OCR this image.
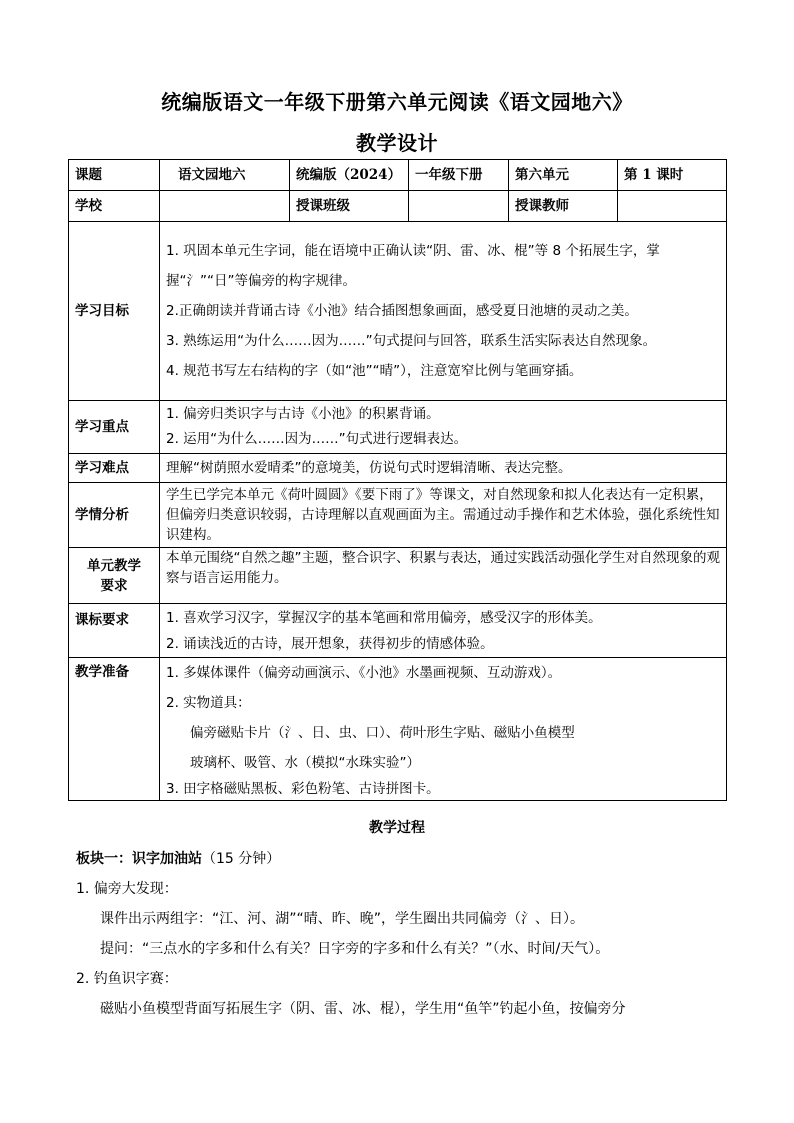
统编版语文一年级下册第六单元阅读《语文园地六》
教学设计
课题	语文园地六	统编版（2024）	一年级下册	第六单元	第 1 课时
学校		授课班级		授课教师	
学习目标	1. 巩固本单元生字词，能在语境中正确认读“阴、雷、冰、棍”等 8 个拓展生字，掌握“氵”“日”等偏旁的构字规律。

2.正确朗读并背诵古诗《小池》结合插图想象画面，感受夏日池塘的灵动之美。

3. 熟练运用“为什么……因为……”句式提问与回答，联系生活实际表达自然现象。

4. 规范书写左右结构的字（如“池”“晴”），注意宽窄比例与笔画穿插。				

学习重点	1. 偏旁归类识字与古诗《小池》的积累背诵。

2. 运用“为什么……因为……”句式进行逻辑表达。				

学习难点	理解“树荫照水爱晴柔”的意境美，仿说句式时逻辑清晰、表达完整。				
学情分析	学生已学完本单元《荷叶圆圆》《要下雨了》等课文，对自然现象和拟人化表达有一定积累，但偏旁归类意识较弱，古诗理解以直观画面为主。需通过动手操作和艺术体验，强化系统性知识建构。				

单元教学
要求	本单元围绕“自然之趣”主题，整合识字、积累与表达，通过实践活动强化学生对自然现象的观察与语言运用能力。				
课标要求	1. 喜欢学习汉字，掌握汉字的基本笔画和常用偏旁，感受汉字的形体美。

2. 诵读浅近的古诗，展开想象，获得初步的情感体验。				

教学准备	1. 多媒体课件（偏旁动画演示、《小池》水墨画视频、互动游戏）。

2. 实物道具：

偏旁磁贴卡片（氵、日、虫、口）、荷叶形生字贴、磁贴小鱼模型

玻璃杯、吸管、水（模拟“水珠实验”）

3. 田字格磁贴黑板、彩色粉笔、古诗拼图卡。				

教学过程

板块一：识字加油站（15 分钟）

1. 偏旁大发现：

课件出示两组字：“江、河、湖”“晴、昨、晚”，学生圈出共同偏旁（氵、日）。

提问：“三点水的字多和什么有关？日字旁的字多和什么有关？”（水、时间/天气）。

2. 钓鱼识字赛：

磁贴小鱼模型背面写拓展生字（阴、雷、冰、棍），学生用“鱼竿”钓起小鱼，按偏旁分
